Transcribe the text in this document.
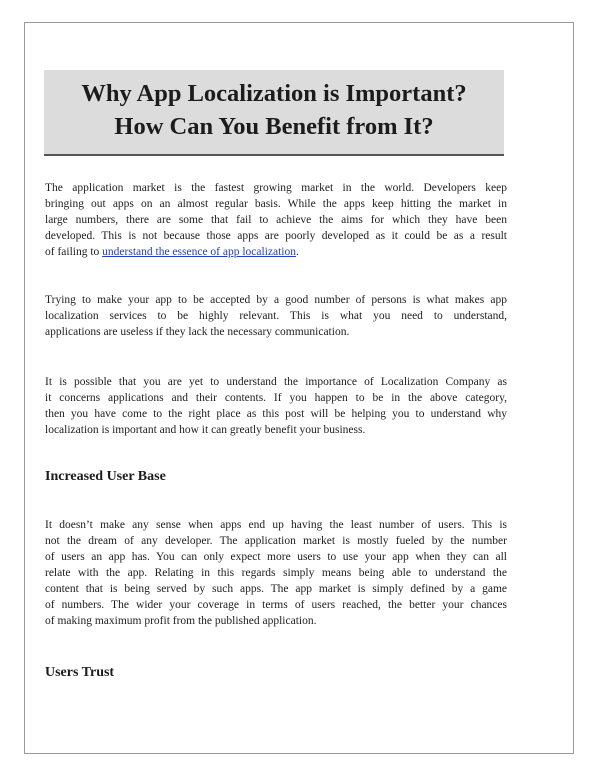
Why App Localization is Important?
How Can You Benefit from It?
The application market is the fastest growing market in the world. Developers keep
bringing out apps on an almost regular basis. While the apps keep hitting the market in
large numbers, there are some that fail to achieve the aims for which they have been
developed. This is not because those apps are poorly developed as it could be as a result
of failing to understand the essence of app localization.
Trying to make your app to be accepted by a good number of persons is what makes app
localization services to be highly relevant. This is what you need to understand,
applications are useless if they lack the necessary communication.
It is possible that you are yet to understand the importance of Localization Company as
it concerns applications and their contents. If you happen to be in the above category,
then you have come to the right place as this post will be helping you to understand why
localization is important and how it can greatly benefit your business.
Increased User Base
It doesn’t make any sense when apps end up having the least number of users. This is
not the dream of any developer. The application market is mostly fueled by the number
of users an app has. You can only expect more users to use your app when they can all
relate with the app. Relating in this regards simply means being able to understand the
content that is being served by such apps. The app market is simply defined by a game
of numbers. The wider your coverage in terms of users reached, the better your chances
of making maximum profit from the published application.
Users Trust
